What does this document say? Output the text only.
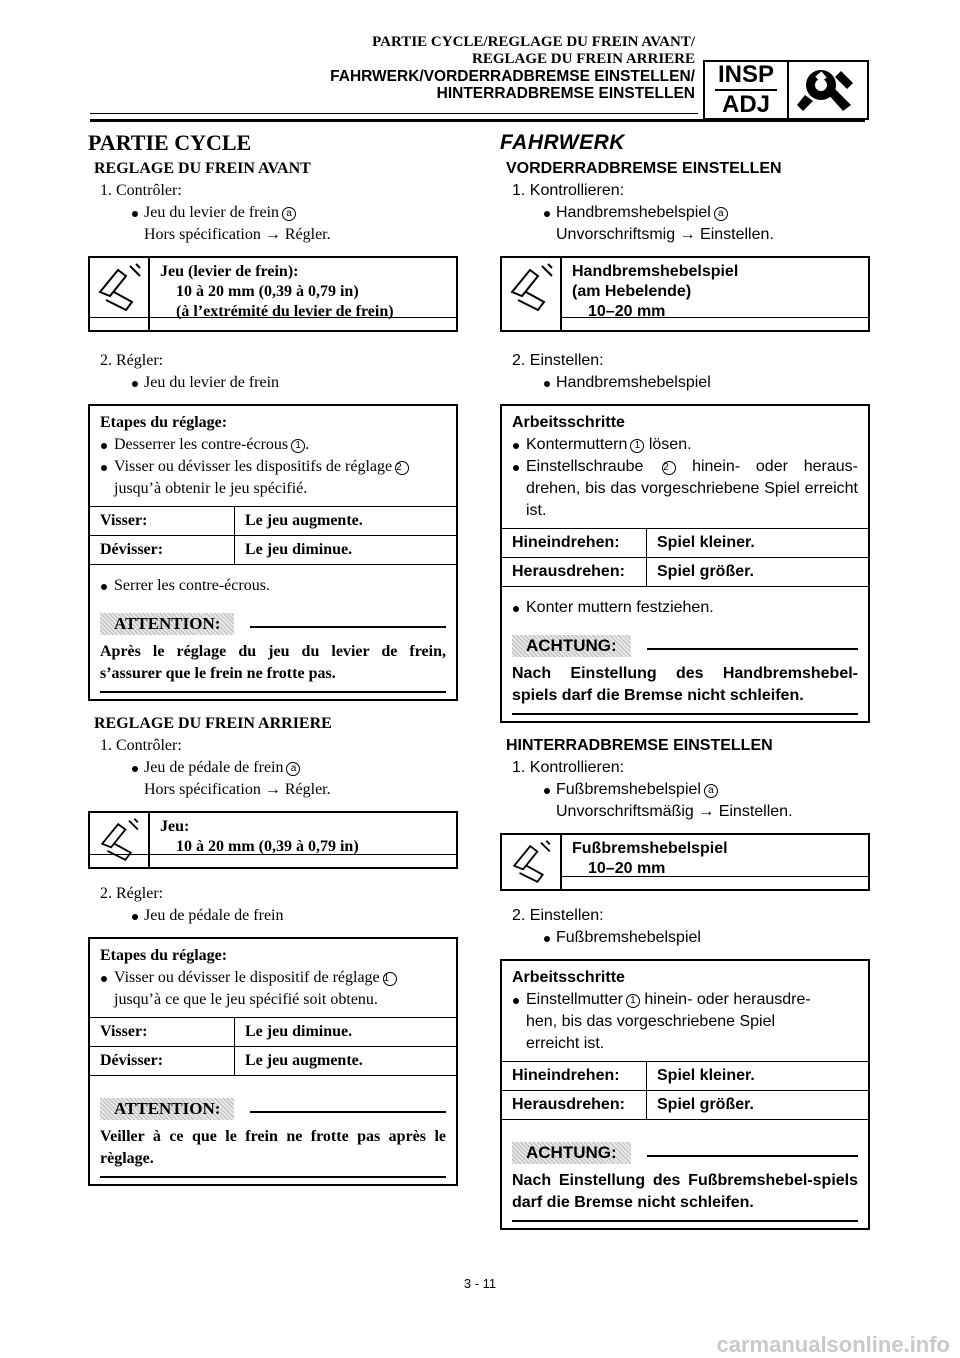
PARTIE CYCLE/REGLAGE DU FREIN AVANT/
REGLAGE DU FREIN ARRIERE
FAHRWERK/VORDERRADBREMSE EINSTELLEN/
HINTERRADBREMSE EINSTELLEN
INSP
ADJ
PARTIE CYCLE
REGLAGE DU FREIN AVANT
1. Contrôler:
Jeu du levier de frein a
Hors spécification → Régler.
Jeu (levier de frein):
10 à 20 mm (0,39 à 0,79 in)
(à l’extrémité du levier de frein)
2. Régler:
Jeu du levier de frein
Etapes du réglage:
Desserrer les contre-écrous 1 .
Visser ou dévisser les dispositifs de réglage 2
jusqu’à obtenir le jeu spécifié.
Visser:	Le jeu augmente.
Dévisser:	Le jeu diminue.
Serrer les contre-écrous.
ATTENTION:
Après le réglage du jeu du levier de frein, s’assurer que le frein ne frotte pas.
REGLAGE DU FREIN ARRIERE
1. Contrôler:
Jeu de pédale de frein a
Hors spécification → Régler.
Jeu:
10 à 20 mm (0,39 à 0,79 in)
2. Régler:
Jeu de pédale de frein
Etapes du réglage:
Visser ou dévisser le dispositif de réglage 1
jusqu’à ce que le jeu spécifié soit obtenu.
Visser:	Le jeu diminue.
Dévisser:	Le jeu augmente.
ATTENTION:
Veiller à ce que le frein ne frotte pas après le règlage.
FAHRWERK
VORDERRADBREMSE EINSTELLEN
1. Kontrollieren:
Handbremshebelspiel a
Unvorschriftsmig → Einstellen.
Handbremshebelspiel
(am Hebelende)
10–20 mm
2. Einstellen:
Handbremshebelspiel
Arbeitsschritte
Kontermuttern 1 lösen.
Einstellschraube 2 hinein- oder heraus-drehen, bis das vorgeschriebene Spiel erreicht ist.
Hineindrehen:	Spiel kleiner.
Herausdrehen:	Spiel größer.
Konter muttern festziehen.
ACHTUNG:
Nach Einstellung des Handbremshebel-spiels darf die Bremse nicht schleifen.
HINTERRADBREMSE EINSTELLEN
1. Kontrollieren:
Fußbremshebelspiel a
Unvorschriftsmäßig → Einstellen.
Fußbremshebelspiel
10–20 mm
2. Einstellen:
Fußbremshebelspiel
Arbeitsschritte
Einstellmutter 1 hinein- oder herausdre-
hen, bis das vorgeschriebene Spiel
erreicht ist.
Hineindrehen:	Spiel kleiner.
Herausdrehen:	Spiel größer.
ACHTUNG:
Nach Einstellung des Fußbremshebel-spiels darf die Bremse nicht schleifen.
3 - 11
carmanualsonline.info
